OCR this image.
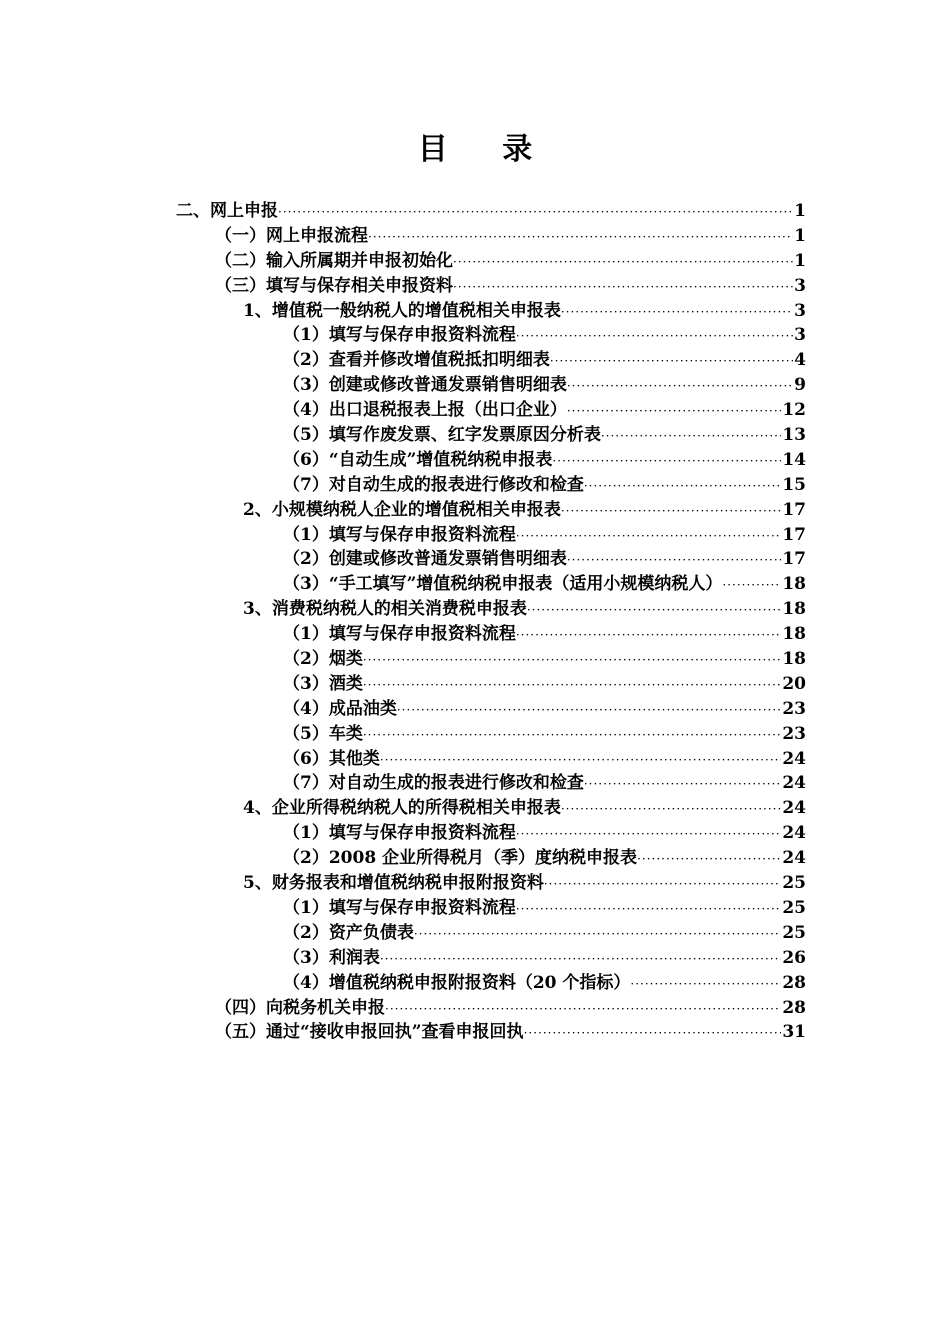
目 录
二、网上申报 ·····	1
（一）网上申报流程 ·····	1
（二）输入所属期并申报初始化 ·····	1
（三）填写与保存相关申报资料 ·····	3
1、增值税一般纳税人的增值税相关申报表 ·····	3
（1）填写与保存申报资料流程 ·····	3
（2）查看并修改增值税抵扣明细表 ·····	4
（3）创建或修改普通发票销售明细表 ·····	9
（4）出口退税报表上报（出口企业） ·····	12
（5）填写作废发票、红字发票原因分析表 ·····	13
（6）“自动生成”增值税纳税申报表 ·····	14
（7）对自动生成的报表进行修改和检查 ·····	15
2、小规模纳税人企业的增值税相关申报表 ·····	17
（1）填写与保存申报资料流程 ·····	17
（2）创建或修改普通发票销售明细表 ·····	17
（3）“手工填写”增值税纳税申报表（适用小规模纳税人） ·····	18
3、消费税纳税人的相关消费税申报表 ·····	18
（1）填写与保存申报资料流程 ·····	18
（2）烟类 ·····	18
（3）酒类 ·····	20
（4）成品油类 ·····	23
（5）车类 ·····	23
（6）其他类 ·····	24
（7）对自动生成的报表进行修改和检查 ·····	24
4、企业所得税纳税人的所得税相关申报表 ·····	24
（1）填写与保存申报资料流程 ·····	24
（2）2008 企业所得税月（季）度纳税申报表 ·····	24
5、财务报表和增值税纳税申报附报资料 ·····	25
（1）填写与保存申报资料流程 ·····	25
（2）资产负债表 ·····	25
（3）利润表 ·····	26
（4）增值税纳税申报附报资料（20 个指标） ·····	28
（四）向税务机关申报 ·····	28
（五）通过“接收申报回执”查看申报回执 ·····	31
